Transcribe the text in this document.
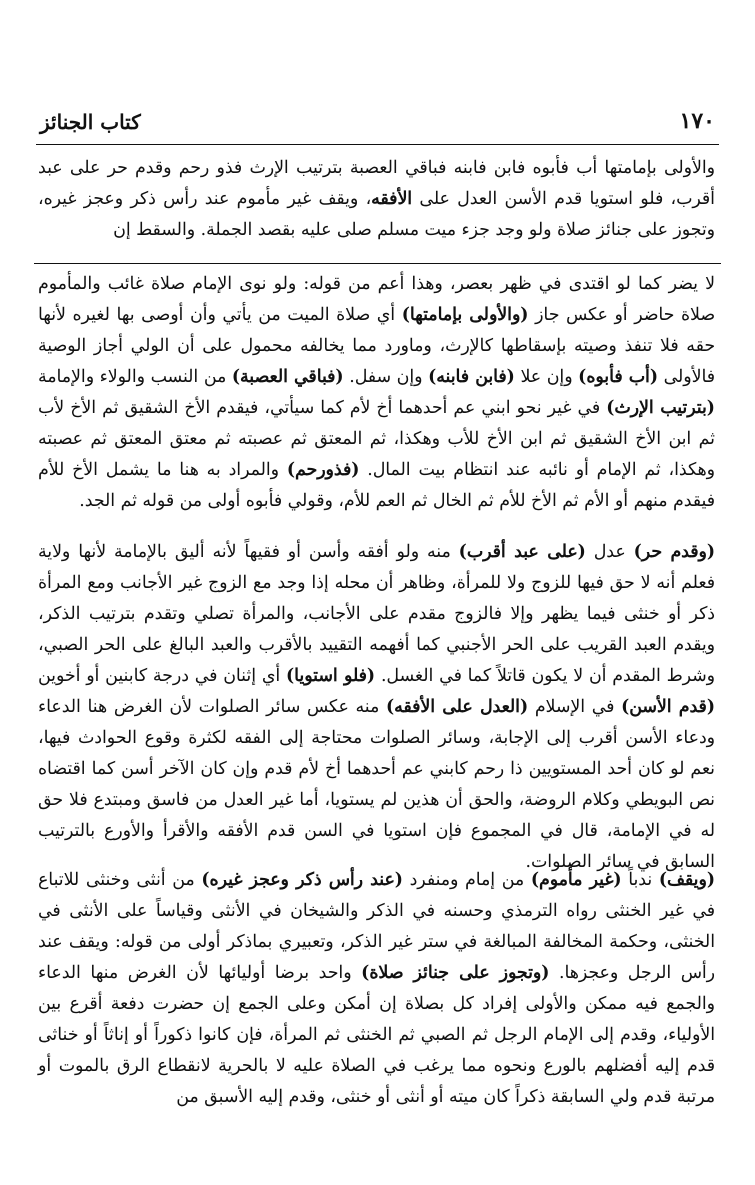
١٧٠
كتاب الجنائز

والأولى بإمامتها أب فأبوه فابن فابنه فباقي العصبة بترتيب الإرث فذو رحم وقدم حر على عبد أقرب، فلو استويا قدم الأسن العدل على الأفقه، ويقف غير مأموم عند رأس ذكر وعجز غيره، وتجوز على جنائز صلاة ولو وجد جزء ميت مسلم صلى عليه بقصد الجملة. والسقط إن

لا يضر كما لو اقتدى في ظهر بعصر، وهذا أعم من قوله: ولو نوى الإمام صلاة غائب والمأموم صلاة حاضر أو عكس جاز (والأولى بإمامتها) أي صلاة الميت من يأتي وأن أوصى بها لغيره لأنها حقه فلا تنفذ وصيته بإسقاطها كالإرث، وماورد مما يخالفه محمول على أن الولي أجاز الوصية فالأولى (أب فأبوه) وإن علا (فابن فابنه) وإن سفل. (فباقي العصبة) من النسب والولاء والإمامة (بترتيب الإرث) في غير نحو ابني عم أحدهما أخ لأم كما سيأتي، فيقدم الأخ الشقيق ثم الأخ لأب ثم ابن الأخ الشقيق ثم ابن الأخ للأب وهكذا، ثم المعتق ثم عصبته ثم معتق المعتق ثم عصبته وهكذا، ثم الإمام أو نائبه عند انتظام بيت المال. (فذورحم) والمراد به هنا ما يشمل الأخ للأم فيقدم منهم أو الأم ثم الأخ للأم ثم الخال ثم العم للأم، وقولي فأبوه أولى من قوله ثم الجد.

(وقدم حر) عدل (على عبد أقرب) منه ولو أفقه وأسن أو فقيهاً لأنه أليق بالإمامة لأنها ولاية فعلم أنه لا حق فيها للزوج ولا للمرأة، وظاهر أن محله إذا وجد مع الزوج غير الأجانب ومع المرأة ذكر أو خنثى فيما يظهر وإلا فالزوج مقدم على الأجانب، والمرأة تصلي وتقدم بترتيب الذكر، ويقدم العبد القريب على الحر الأجنبي كما أفهمه التقييد بالأقرب والعبد البالغ على الحر الصبي، وشرط المقدم أن لا يكون قاتلاً كما في الغسل. (فلو استويا) أي إثنان في درجة كابنين أو أخوين (قدم الأسن) في الإسلام (العدل على الأفقه) منه عكس سائر الصلوات لأن الغرض هنا الدعاء ودعاء الأسن أقرب إلى الإجابة، وسائر الصلوات محتاجة إلى الفقه لكثرة وقوع الحوادث فيها، نعم لو كان أحد المستويين ذا رحم كابني عم أحدهما أخ لأم قدم وإن كان الآخر أسن كما اقتضاه نص البويطي وكلام الروضة، والحق أن هذين لم يستويا، أما غير العدل من فاسق ومبتدع فلا حق له في الإمامة، قال في المجموع فإن استويا في السن قدم الأفقه والأقرأ والأورع بالترتيب السابق في سائر الصلوات.

(ويقف) ندباً (غير مأموم) من إمام ومنفرد (عند رأس ذكر وعجز غيره) من أنثى وخنثى للاتباع في غير الخنثى رواه الترمذي وحسنه في الذكر والشيخان في الأنثى وقياساً على الأنثى في الخنثى، وحكمة المخالفة المبالغة في ستر غير الذكر، وتعبيري بماذكر أولى من قوله: ويقف عند رأس الرجل وعجزها. (وتجوز على جنائز صلاة) واحد برضا أوليائها لأن الغرض منها الدعاء والجمع فيه ممكن والأولى إفراد كل بصلاة إن أمكن وعلى الجمع إن حضرت دفعة أقرع بين الأولياء، وقدم إلى الإمام الرجل ثم الصبي ثم الخنثى ثم المرأة، فإن كانوا ذكوراً أو إناثاً أو خناثى قدم إليه أفضلهم بالورع ونحوه مما يرغب في الصلاة عليه لا بالحرية لانقطاع الرق بالموت أو مرتبة قدم ولي السابقة ذكراً كان ميته أو أنثى أو خنثى، وقدم إليه الأسبق من
